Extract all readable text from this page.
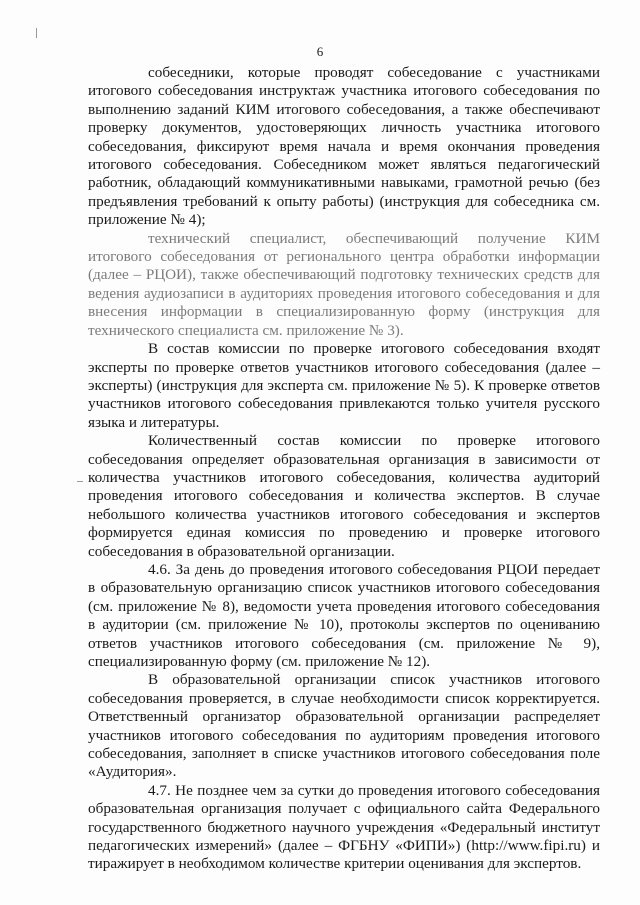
6

собеседники, которые проводят собеседование с участниками итогового собеседования инструктаж участника итогового собеседования по выполнению заданий КИМ итогового собеседования, а также обеспечивают проверку документов, удостоверяющих личность участника итогового собеседования, фиксируют время начала и время окончания проведения итогового собеседования. Собеседником может являться педагогический работник, обладающий коммуникативными навыками, грамотной речью (без предъявления требований к опыту работы) (инструкция для собеседника см. приложение № 4);

технический специалист, обеспечивающий получение КИМ итогового собеседования от регионального центра обработки информации (далее – РЦОИ), также обеспечивающий подготовку технических средств для ведения аудиозаписи в аудиториях проведения итогового собеседования и для внесения информации в специализированную форму (инструкция для технического специалиста см. приложение № 3).

В состав комиссии по проверке итогового собеседования входят эксперты по проверке ответов участников итогового собеседования (далее – эксперты) (инструкция для эксперта см. приложение № 5). К проверке ответов участников итогового собеседования привлекаются только учителя русского языка и литературы.

Количественный состав комиссии по проверке итогового собеседования определяет образовательная организация в зависимости от количества участников итогового собеседования, количества аудиторий проведения итогового собеседования и количества экспертов. В случае небольшого количества участников итогового собеседования и экспертов формируется единая комиссия по проведению и проверке итогового собеседования в образовательной организации.

4.6. За день до проведения итогового собеседования РЦОИ передает в образовательную организацию список участников итогового собеседования (см. приложение № 8), ведомости учета проведения итогового собеседования в аудитории (см. приложение № 10), протоколы экспертов по оцениванию ответов участников итогового собеседования (см. приложение № 9), специализированную форму (см. приложение № 12).

В образовательной организации список участников итогового собеседования проверяется, в случае необходимости список корректируется. Ответственный организатор образовательной организации распределяет участников итогового собеседования по аудиториям проведения итогового собеседования, заполняет в списке участников итогового собеседования поле «Аудитория».

4.7. Не позднее чем за сутки до проведения итогового собеседования образовательная организация получает с официального сайта Федерального государственного бюджетного научного учреждения «Федеральный институт педагогических измерений» (далее – ФГБНУ «ФИПИ») (http://www.fipi.ru) и тиражирует в необходимом количестве критерии оценивания для экспертов.
